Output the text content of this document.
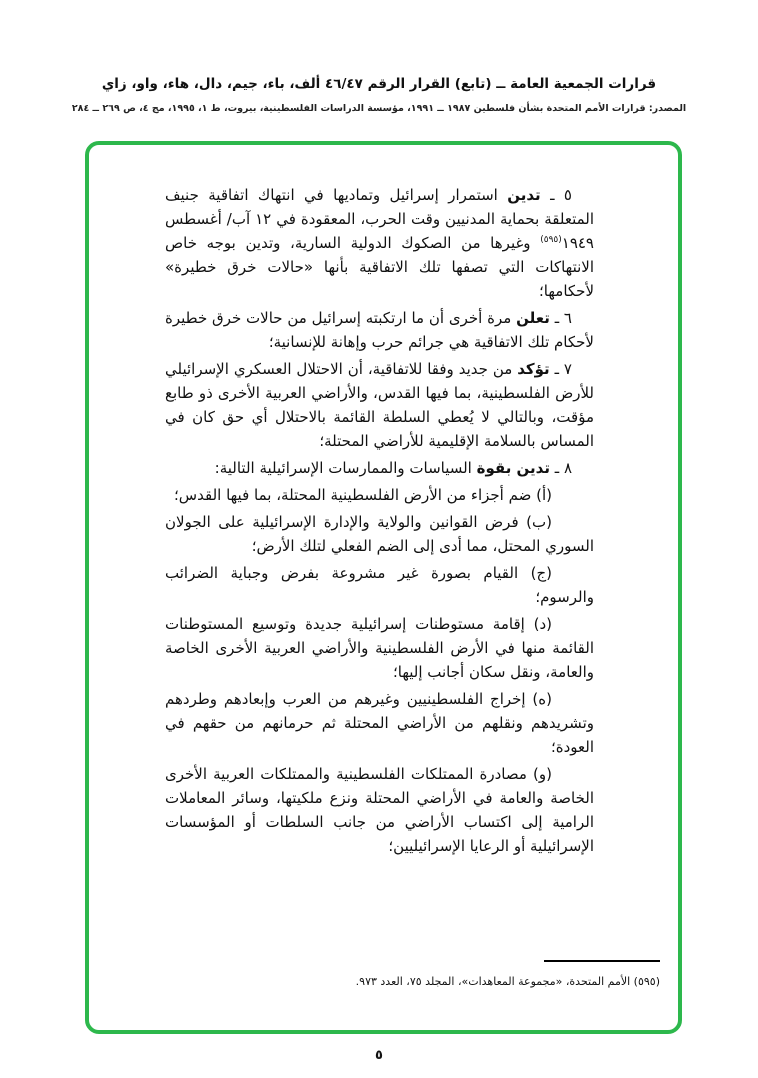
قرارات الجمعية العامة ــ (تابع) القرار الرقم ٤٦/٤٧ ألف، باء، جيم، دال، هاء، واو، زاي
المصدر: قرارات الأمم المتحدة بشأن فلسطين ١٩٨٧ ــ ١٩٩١، مؤسسة الدراسات الفلسطينية، بيروت، ط ١، ١٩٩٥، مج ٤، ص ٢٦٩ ــ ٢٨٤

٥ ـ تدين استمرار إسرائيل وتماديها في انتهاك اتفاقية جنيف المتعلقة بحماية المدنيين وقت الحرب، المعقودة في ١٢ آب/ أغسطس ١٩٤٩$^{(٥٩٥)}$ وغيرها من الصكوك الدولية السارية، وتدين بوجه خاص الانتهاكات التي تصفها تلك الاتفاقية بأنها «حالات خرق خطيرة» لأحكامها؛

٦ ـ تعلن مرة أخرى أن ما ارتكبته إسرائيل من حالات خرق خطيرة لأحكام تلك الاتفاقية هي جرائم حرب وإهانة للإنسانية؛

٧ ـ تؤكد من جديد وفقا للاتفاقية، أن الاحتلال العسكري الإسرائيلي للأرض الفلسطينية، بما فيها القدس، والأراضي العربية الأخرى ذو طابع مؤقت، وبالتالي لا يُعطي السلطة القائمة بالاحتلال أي حق كان في المساس بالسلامة الإقليمية للأراضي المحتلة؛

٨ ـ تدين بقوة السياسات والممارسات الإسرائيلية التالية:

(أ) ضم أجزاء من الأرض الفلسطينية المحتلة، بما فيها القدس؛

(ب) فرض القوانين والولاية والإدارة الإسرائيلية على الجولان السوري المحتل، مما أدى إلى الضم الفعلي لتلك الأرض؛

(ج) القيام بصورة غير مشروعة بفرض وجباية الضرائب والرسوم؛

(د) إقامة مستوطنات إسرائيلية جديدة وتوسيع المستوطنات القائمة منها في الأرض الفلسطينية والأراضي العربية الأخرى الخاصة والعامة، ونقل سكان أجانب إليها؛

(ه) إخراج الفلسطينيين وغيرهم من العرب وإبعادهم وطردهم وتشريدهم ونقلهم من الأراضي المحتلة ثم حرمانهم من حقهم في العودة؛

(و) مصادرة الممتلكات الفلسطينية والممتلكات العربية الأخرى الخاصة والعامة في الأراضي المحتلة ونزع ملكيتها، وسائر المعاملات الرامية إلى اكتساب الأراضي من جانب السلطات أو المؤسسات الإسرائيلية أو الرعايا الإسرائيليين؛

(٥٩٥) الأمم المتحدة، «مجموعة المعاهدات»، المجلد ٧٥، العدد ٩٧٣.
٥
